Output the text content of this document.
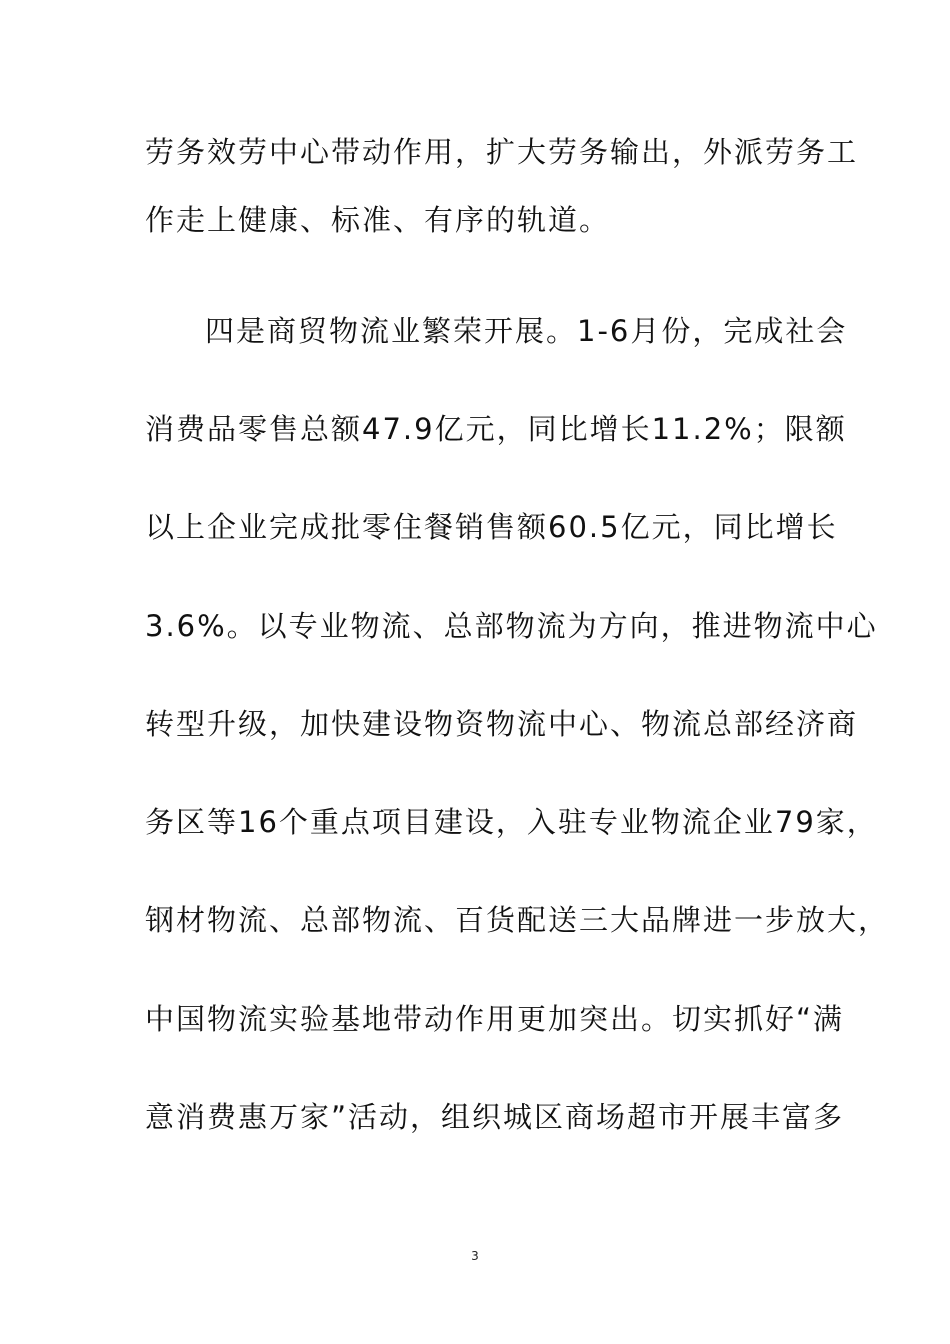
劳务效劳中心带动作用，扩大劳务输出，外派劳务工
作走上健康、标准、有序的轨道。
四是商贸物流业繁荣开展。1-6月份，完成社会
消费品零售总额47.9亿元，同比增长11.2%；限额
以上企业完成批零住餐销售额60.5亿元，同比增长
3.6%。以专业物流、总部物流为方向，推进物流中心
转型升级，加快建设物资物流中心、物流总部经济商
务区等16个重点项目建设，入驻专业物流企业79家，
钢材物流、总部物流、百货配送三大品牌进一步放大，
中国物流实验基地带动作用更加突出。切实抓好“满
意消费惠万家”活动，组织城区商场超市开展丰富多
3
